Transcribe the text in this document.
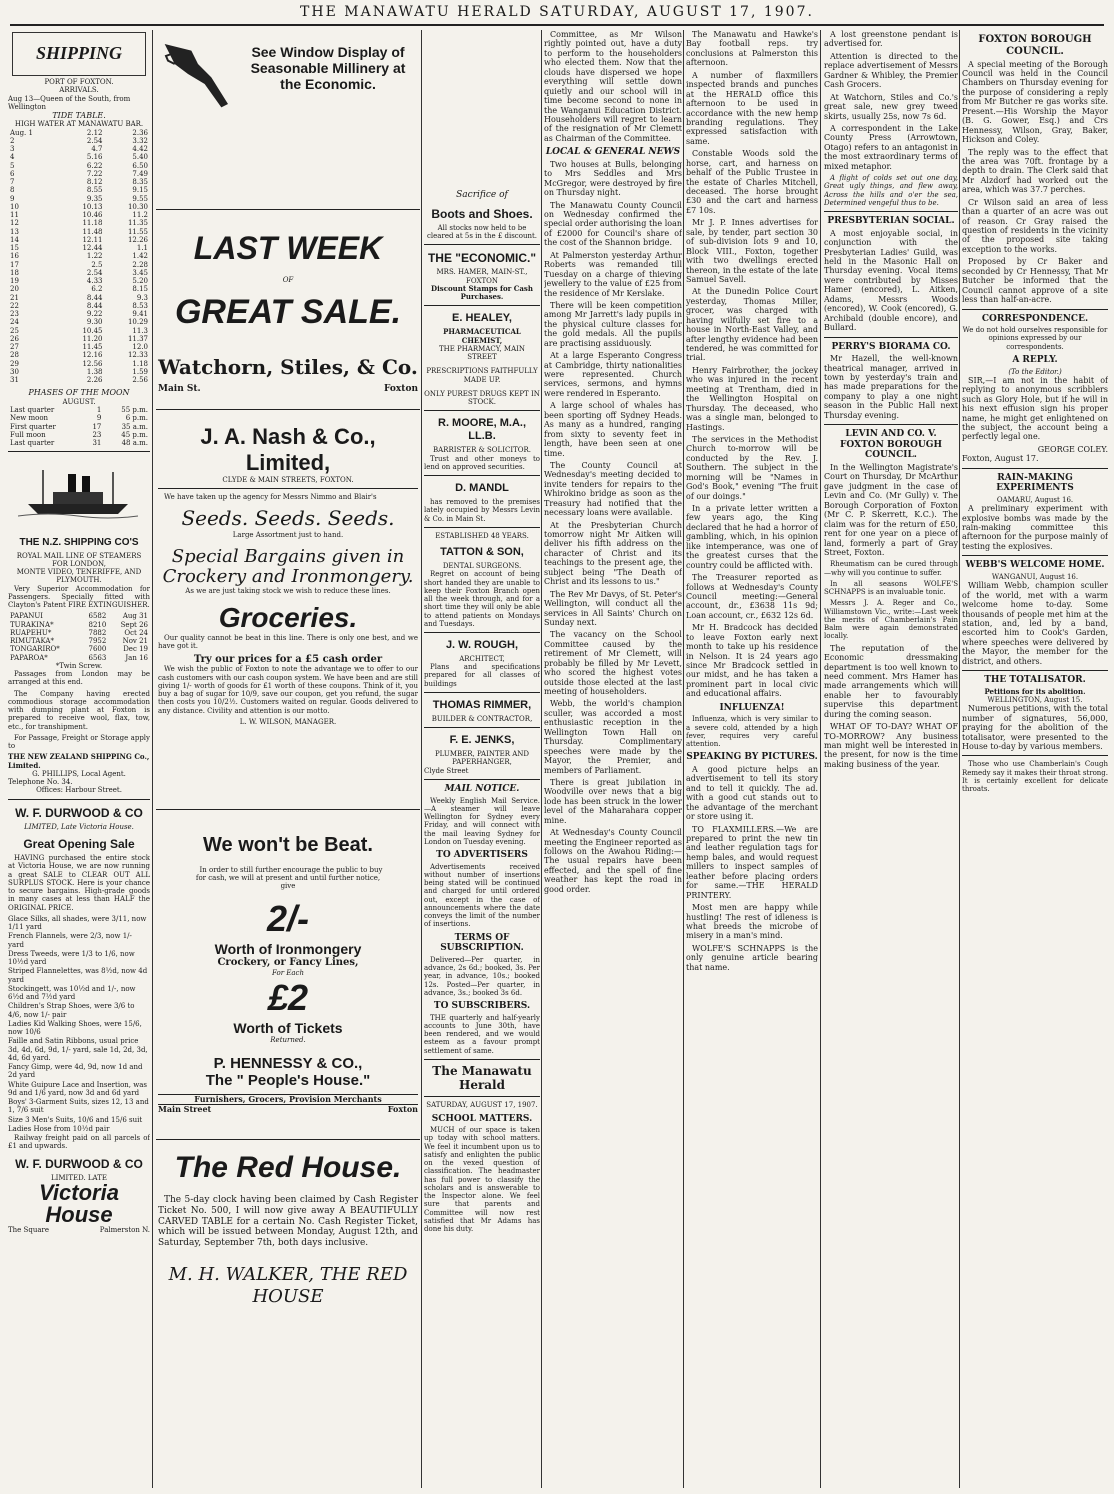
THE MANAWATU HERALD SATURDAY, AUGUST 17, 1907.
SHIPPING
PORT OF FOXTON.
ARRIVALS.
Aug 13—Queen of the South, from Wellington
TIDE TABLE.
HIGH WATER AT MANAWATU BAR.
Aug. 1	2.12	2.36
2	2.54	3.32
3	4.7	4.42
4	5.16	5.40
5	6.22	6.50
6	7.22	7.49
7	8.12	8.35
8	8.55	9.15
9	9.35	9.55
10	10.13	10.30
11	10.46	11.2
12	11.18	11.35
13	11.48	11.55
14	12.11	12.26
15	12.44	1.1
16	1.22	1.42
17	2.5	2.28
18	2.54	3.45
19	4.33	5.20
20	6.2	8.15
21	8.44	9.3
22	8.44	8.53
23	9.22	9.41
24	9.30	10.29
25	10.45	11.3
26	11.20	11.37
27	11.45	12.0
28	12.16	12.33
29	12.56	1.18
30	1.38	1.59
31	2.26	2.56
PHASES OF THE MOON
AUGUST.
Last quarter	1	55 p.m.
New moon	9	6 p.m.
First quarter	17	35 a.m.
Full moon	23	45 p.m.
Last quarter	31	48 a.m.
THE N.Z. SHIPPING CO'S
ROYAL MAIL LINE OF STEAMERS FOR LONDON,
MONTE VIDEO, TENERIFFE, AND PLYMOUTH.

Very Superior Accommodation for Passengers. Specially fitted with Clayton's Patent FIRE EXTINGUISHER.

PAPANUI	6582	Aug 31
TURAKINA*	8210	Sept 26
RUAPEHU*	7882	Oct 24
RIMUTAKA*	7952	Nov 21
TONGARIRO*	7600	Dec 19
PAPAROA*	6563	Jan 16
*Twin Screw.

Passages from London may be arranged at this end.

The Company having erected commodious storage accommodation with dumping plant at Foxton is prepared to receive wool, flax, tow, etc., for transhipment.

For Passage, Freight or Storage apply to

THE NEW ZEALAND SHIPPING Co., Limited.
G. PHILLIPS, Local Agent.
Telephone No. 34.
Offices: Harbour Street.
W. F. DURWOOD & CO
LIMITED, Late Victoria House.
Great Opening Sale

HAVING purchased the entire stock at Victoria House, we are now running a great SALE to CLEAR OUT ALL SURPLUS STOCK. Here is your chance to secure bargains. High-grade goods in many cases at less than HALF the ORIGINAL PRICE.

Glace Silks, all shades, were 3/11, now 1/11 yard
French Flannels, were 2/3, now 1/- yard
Dress Tweeds, were 1/3 to 1/6, now 10½d yard
Striped Flannelettes, was 8½d, now 4d yard
Stockingett, was 10½d and 1/-, now 6½d and 7½d yard
Children's Strap Shoes, were 3/6 to 4/6, now 1/- pair
Ladies Kid Walking Shoes, were 15/6, now 10/6
Faille and Satin Ribbons, usual price 3d, 4d, 6d, 9d, 1/- yard, sale 1d, 2d, 3d, 4d, 6d yard.
Fancy Gimp, were 4d, 9d, now 1d and 2d yard
White Guipure Lace and Insertion, was 9d and 1/6 yard, now 3d and 6d yard
Boys' 3-Garment Suits, sizes 12, 13 and 1, 7/6 suit
Size 3 Men's Suits, 10/6 and 15/6 suit
Ladies Hose from 10½d pair

Railway freight paid on all parcels of £1 and upwards.

W. F. DURWOOD & CO
LIMITED. LATE
Victoria House
The Square	Palmerston N.
See Window Display of Seasonable Millinery at the Economic.
LAST WEEK
OF
GREAT SALE.
Watchorn, Stiles, & Co.
Main St.	Foxton
J. A. Nash & Co., Limited,
CLYDE & MAIN STREETS, FOXTON.

We have taken up the agency for Messrs Nimmo and Blair's

Seeds. Seeds. Seeds.
Large Assortment just to hand.
Special Bargains given in Crockery and Ironmongery.
As we are just taking stock we wish to reduce these lines.
Groceries.

Our quality cannot be beat in this line. There is only one best, and we have got it.

Try our prices for a £5 cash order

We wish the public of Foxton to note the advantage we to offer to our cash customers with our cash coupon system. We have been and are still giving 1/- worth of goods for £1 worth of these coupons. Think of it, you buy a bag of sugar for 10/9, save our coupon, get you refund, the sugar then costs you 10/2½. Customers waited on regular. Goods delivered to any distance. Civility and attention is our motto.

L. W. WILSON, MANAGER.
We won't be Beat.

In order to still further encourage the public to buy for cash, we will at present and until further notice, give

2/-
Worth of Ironmongery
Crockery, or Fancy Lines,
For Each
£2
Worth of Tickets
Returned.
P. HENNESSY & CO.,
The " People's House."
Furnishers, Grocers, Provision Merchants
Main Street	Foxton
The Red House.

The 5-day clock having been claimed by Cash Register Ticket No. 500, I will now give away A BEAUTIFULLY CARVED TABLE for a certain No. Cash Register Ticket, which will be issued between Monday, August 12th, and Saturday, September 7th, both days inclusive.

M. H. WALKER, THE RED HOUSE
Sacrifice of
Boots and Shoes.
All stocks now held to be cleared at 5s in the £ discount.
THE "ECONOMIC."
MRS. HAMER, MAIN-ST., FOXTON
Discount Stamps for Cash Purchases.
E. HEALEY,
PHARMACEUTICAL CHEMIST,
THE PHARMACY, MAIN STREET
PRESCRIPTIONS FAITHFULLY MADE UP.
ONLY PUREST DRUGS KEPT IN STOCK.
R. MOORE, M.A., LL.B.
BARRISTER & SOLICITOR.

Trust and other moneys to lend on approved securities.

D. MANDL

has removed to the premises lately occupied by Messrs Levin & Co. in Main St.

ESTABLISHED 48 YEARS.
TATTON & SON,
DENTAL SURGEONS.

Regret on account of being short handed they are unable to keep their Foxton Branch open all the week through, and for a short time they will only be able to attend patients on Mondays and Tuesdays.

J. W. ROUGH,
ARCHITECT,

Plans and specifications prepared for all classes of buildings

THOMAS RIMMER,
BUILDER & CONTRACTOR,
F. E. JENKS,
PLUMBER, PAINTER AND PAPERHANGER,
Clyde Street
MAIL NOTICE.

Weekly English Mail Service.—A steamer will leave Wellington for Sydney every Friday, and will connect with the mail leaving Sydney for London on Tuesday evening.

TO ADVERTISERS

Advertisements received without number of insertions being stated will be continued and charged for until ordered out, except in the case of announcements where the date conveys the limit of the number of insertions.

TERMS OF SUBSCRIPTION.

Delivered—Per quarter, in advance, 2s 6d.; booked, 3s. Per year, in advance, 10s.; booked 12s. Posted—Per quarter, in advance, 3s.; booked 3s 6d.

TO SUBSCRIBERS.

THE quarterly and half-yearly accounts to June 30th, have been rendered, and we would esteem as a favour prompt settlement of same.

The Manawatu Herald
SATURDAY, AUGUST 17, 1907.
SCHOOL MATTERS.

MUCH of our space is taken up today with school matters. We feel it incumbent upon us to satisfy and enlighten the public on the vexed question of classification. The headmaster has full power to classify the scholars and is answerable to the Inspector alone. We feel sure that parents and Committee will now rest satisfied that Mr Adams has done his duty.

Committee, as Mr Wilson rightly pointed out, have a duty to perform to the householders who elected them. Now that the clouds have dispersed we hope everything will settle down quietly and our school will in time become second to none in the Wanganui Education District. Householders will regret to learn of the resignation of Mr Clemett as Chairman of the Committee.

LOCAL & GENERAL NEWS

Two houses at Bulls, belonging to Mrs Seddles and Mrs McGregor, were destroyed by fire on Thursday night.

The Manawatu County Council on Wednesday confirmed the special order authorising the loan of £2000 for Council's share of the cost of the Shannon bridge.

At Palmerston yesterday Arthur Roberts was remanded till Tuesday on a charge of thieving jewellery to the value of £25 from the residence of Mr Kerslake.

There will be keen competition among Mr Jarrett's lady pupils in the physical culture classes for the gold medals. All the pupils are practising assiduously.

At a large Esperanto Congress at Cambridge, thirty nationalities were represented. Church services, sermons, and hymns were rendered in Esperanto.

A large school of whales has been sporting off Sydney Heads. As many as a hundred, ranging from sixty to seventy feet in length, have been seen at one time.

The County Council at Wednesday's meeting decided to invite tenders for repairs to the Whirokino bridge as soon as the Treasury had notified that the necessary loans were available.

At the Presbyterian Church tomorrow night Mr Aitken will deliver his fifth address on the character of Christ and its teachings to the present age, the subject being "The Death of Christ and its lessons to us."

The Rev Mr Davys, of St. Peter's Wellington, will conduct all the services in All Saints' Church on Sunday next.

The vacancy on the School Committee caused by the retirement of Mr Clemett, will probably be filled by Mr Levett, who scored the highest votes outside those elected at the last meeting of householders.

Webb, the world's champion sculler, was accorded a most enthusiastic reception in the Wellington Town Hall on Thursday. Complimentary speeches were made by the Mayor, the Premier, and members of Parliament.

There is great jubilation in Woodville over news that a big lode has been struck in the lower level of the Maharahara copper mine.

At Wednesday's County Council meeting the Engineer reported as follows on the Awahou Riding:—The usual repairs have been effected, and the spell of fine weather has kept the road in good order.

The Manawatu and Hawke's Bay football reps. try conclusions at Palmerston this afternoon.

A number of flaxmillers inspected brands and punches at the HERALD office this afternoon to be used in accordance with the new hemp branding regulations. They expressed satisfaction with same.

Constable Woods sold the horse, cart, and harness on behalf of the Public Trustee in the estate of Charles Mitchell, deceased. The horse brought £30 and the cart and harness £7 10s.

Mr J. P. Innes advertises for sale, by tender, part section 30 of sub-division lots 9 and 10, Block VIII., Foxton, together with two dwellings erected thereon, in the estate of the late Samuel Savell.

At the Dunedin Police Court yesterday, Thomas Miller, grocer, was charged with having wilfully set fire to a house in North-East Valley, and after lengthy evidence had been tendered, he was committed for trial.

Henry Fairbrother, the jockey who was injured in the recent meeting at Trentham, died in the Wellington Hospital on Thursday. The deceased, who was a single man, belonged to Hastings.

The services in the Methodist Church to-morrow will be conducted by the Rev. J. Southern. The subject in the morning will be "Names in God's Book," evening "The fruit of our doings."

In a private letter written a few years ago, the King declared that he had a horror of gambling, which, in his opinion like intemperance, was one of the greatest curses that the country could be afflicted with.

The Treasurer reported as follows at Wednesday's County Council meeting:—General account, dr., £3638 11s 9d; Loan account, cr., £632 12s 6d.

Mr H. Bradcock has decided to leave Foxton early next month to take up his residence in Nelson. It is 24 years ago since Mr Bradcock settled in our midst, and he has taken a prominent part in local civic and educational affairs.

INFLUENZA!

Influenza, which is very similar to a severe cold, attended by a high fever, requires very careful attention.

SPEAKING BY PICTURES.

A good picture helps an advertisement to tell its story and to tell it quickly. The ad. with a good cut stands out to the advantage of the merchant or store using it.

TO FLAXMILLERS.—We are prepared to print the new tin and leather regulation tags for hemp bales, and would request millers to inspect samples of leather before placing orders for same.—THE HERALD PRINTERY.

Most men are happy while hustling! The rest of idleness is what breeds the microbe of misery in a man's mind.

WOLFE'S SCHNAPPS is the only genuine article bearing that name.

A lost greenstone pendant is advertised for.

Attention is directed to the replace advertisement of Messrs Gardner & Whibley, the Premier Cash Grocers.

At Watchorn, Stiles and Co.'s great sale, new grey tweed skirts, usually 25s, now 7s 6d.

A correspondent in the Lake County Press (Arrowtown, Otago) refers to an antagonist in the most extraordinary terms of mixed metaphor.

A flight of colds set out one day, Great ugly things, and flew away, Across the hills and o'er the sea, Determined vengeful thus to be.

PRESBYTERIAN SOCIAL.

A most enjoyable social, in conjunction with the Presbyterian Ladies' Guild, was held in the Masonic Hall on Thursday evening. Vocal items were contributed by Misses Hamer (encored), L. Aitken, Adams, Messrs Woods (encored), W. Cook (encored), G. Archibald (double encore), and Bullard.

PERRY'S BIORAMA CO.

Mr Hazell, the well-known theatrical manager, arrived in town by yesterday's train and has made preparations for the company to play a one night season in the Public Hall next Thursday evening.

LEVIN AND CO. V. FOXTON BOROUGH COUNCIL.

In the Wellington Magistrate's Court on Thursday, Dr McArthur gave judgment in the case of Levin and Co. (Mr Gully) v. The Borough Corporation of Foxton (Mr C. P. Skerrett, K.C.). The claim was for the return of £50, rent for one year on a piece of land, formerly a part of Gray Street, Foxton.

Rheumatism can be cured through—why will you continue to suffer.

In all seasons WOLFE'S SCHNAPPS is an invaluable tonic.

Messrs J. A. Reger and Co., Williamstown Vic., write:—Last week the merits of Chamberlain's Pain Balm were again demonstrated locally.

The reputation of the Economic dressmaking department is too well known to need comment. Mrs Hamer has made arrangements which will enable her to favourably supervise this department during the coming season.

WHAT OF TO-DAY? WHAT OF TO-MORROW? Any business man might well be interested in the present, for now is the time making business of the year.

FOXTON BOROUGH COUNCIL.

A special meeting of the Borough Council was held in the Council Chambers on Thursday evening for the purpose of considering a reply from Mr Butcher re gas works site. Present.—His Worship the Mayor (B. G. Gower, Esq.) and Crs Hennessy, Wilson, Gray, Baker, Hickson and Coley.

The reply was to the effect that the area was 70ft. frontage by a depth to drain. The Clerk said that Mr Alzdorf had worked out the area, which was 37.7 perches.

Cr Wilson said an area of less than a quarter of an acre was out of reason. Cr Gray raised the question of residents in the vicinity of the proposed site taking exception to the works.

Proposed by Cr Baker and seconded by Cr Hennessy, That Mr Butcher be informed that the Council cannot approve of a site less than half-an-acre.

CORRESPONDENCE.
We do not hold ourselves responsible for opinions expressed by our correspondents.
A REPLY.
(To the Editor.)

SIR,—I am not in the habit of replying to anonymous scribblers such as Glory Hole, but if he will in his next effusion sign his proper name, he might get enlightened on the subject, the account being a perfectly legal one.

GEORGE COLEY.
Foxton, August 17.
RAIN-MAKING EXPERIMENTS
OAMARU, August 16.

A preliminary experiment with explosive bombs was made by the rain-making committee this afternoon for the purpose mainly of testing the explosives.

WEBB'S WELCOME HOME.
WANGANUI, August 16.

William Webb, champion sculler of the world, met with a warm welcome home to-day. Some thousands of people met him at the station, and, led by a band, escorted him to Cook's Garden, where speeches were delivered by the Mayor, the member for the district, and others.

THE TOTALISATOR.
Petitions for its abolition.
WELLINGTON, August 15.

Numerous petitions, with the total number of signatures, 56,000, praying for the abolition of the totalisator, were presented to the House to-day by various members.

Those who use Chamberlain's Cough Remedy say it makes their throat strong. It is certainly excellent for delicate throats.
